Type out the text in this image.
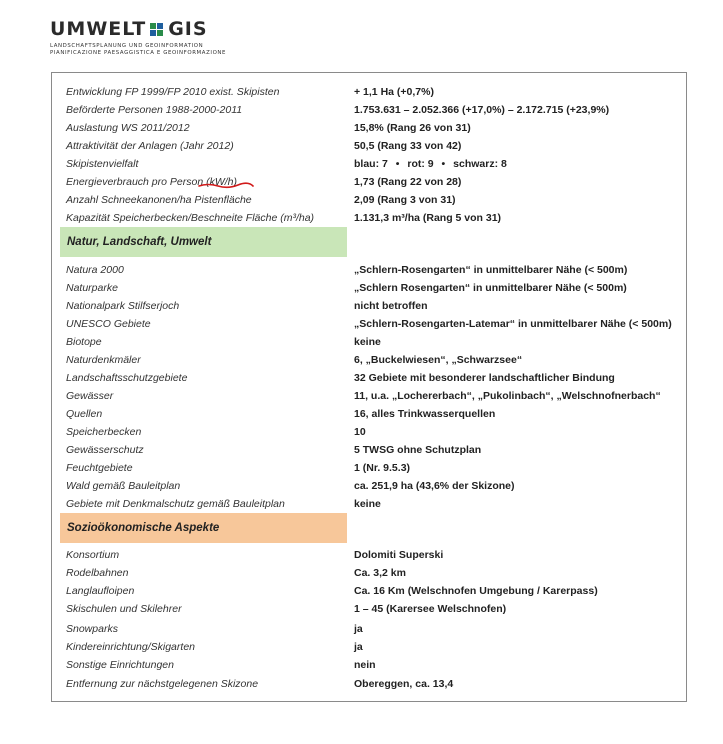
UMWELT GIS
LANDSCHAFTSPLANUNG UND GEOINFORMATION
PIANIFICAZIONE PAESAGGISTICA E GEOINFORMAZIONE
Entwicklung FP 1999/FP 2010 exist. Skipisten	+ 1,1 Ha (+0,7%)
Beförderte Personen 1988-2000-2011	1.753.631 – 2.052.366 (+17,0%) – 2.172.715 (+23,9%)
Auslastung WS 2011/2012	15,8% (Rang 26 von 31)
Attraktivität der Anlagen (Jahr 2012)	50,5 (Rang 33 von 42)
Skipistenvielfalt	blau: 7 • rot: 9 • schwarz: 8
Energieverbrauch pro Person (kW/h)	1,73 (Rang 22 von 28)
Anzahl Schneekanonen/ha Pistenfläche	2,09 (Rang 3 von 31)
Kapazität Speicherbecken/Beschneite Fläche (m³/ha)	1.131,3 m³/ha (Rang 5 von 31)
Natur, Landschaft, Umwelt
Natura 2000	„Schlern-Rosengarten“ in unmittelbarer Nähe (< 500m)
Naturparke	„Schlern Rosengarten“ in unmittelbarer Nähe (< 500m)
Nationalpark Stilfserjoch	nicht betroffen
UNESCO Gebiete	„Schlern-Rosengarten-Latemar“ in unmittelbarer Nähe (< 500m)
Biotope	keine
Naturdenkmäler	6, „Buckelwiesen“, „Schwarzsee“
Landschaftsschutzgebiete	32 Gebiete mit besonderer landschaftlicher Bindung
Gewässer	11, u.a. „Lochererbach“, „Pukolinbach“, „Welschnofnerbach“
Quellen	16, alles Trinkwasserquellen
Speicherbecken	10
Gewässerschutz	5 TWSG ohne Schutzplan
Feuchtgebiete	1 (Nr. 9.5.3)
Wald gemäß Bauleitplan	ca. 251,9 ha (43,6% der Skizone)
Gebiete mit Denkmalschutz gemäß Bauleitplan	keine
Sozioökonomische Aspekte
Konsortium	Dolomiti Superski
Rodelbahnen	Ca. 3,2 km
Langlaufloipen	Ca. 16 Km (Welschnofen Umgebung / Karerpass)
Skischulen und Skilehrer	1 – 45 (Karersee Welschnofen)
Snowparks	ja
Kindereinrichtung/Skigarten	ja
Sonstige Einrichtungen	nein
Entfernung zur nächstgelegenen Skizone	Obereggen, ca. 13,4
